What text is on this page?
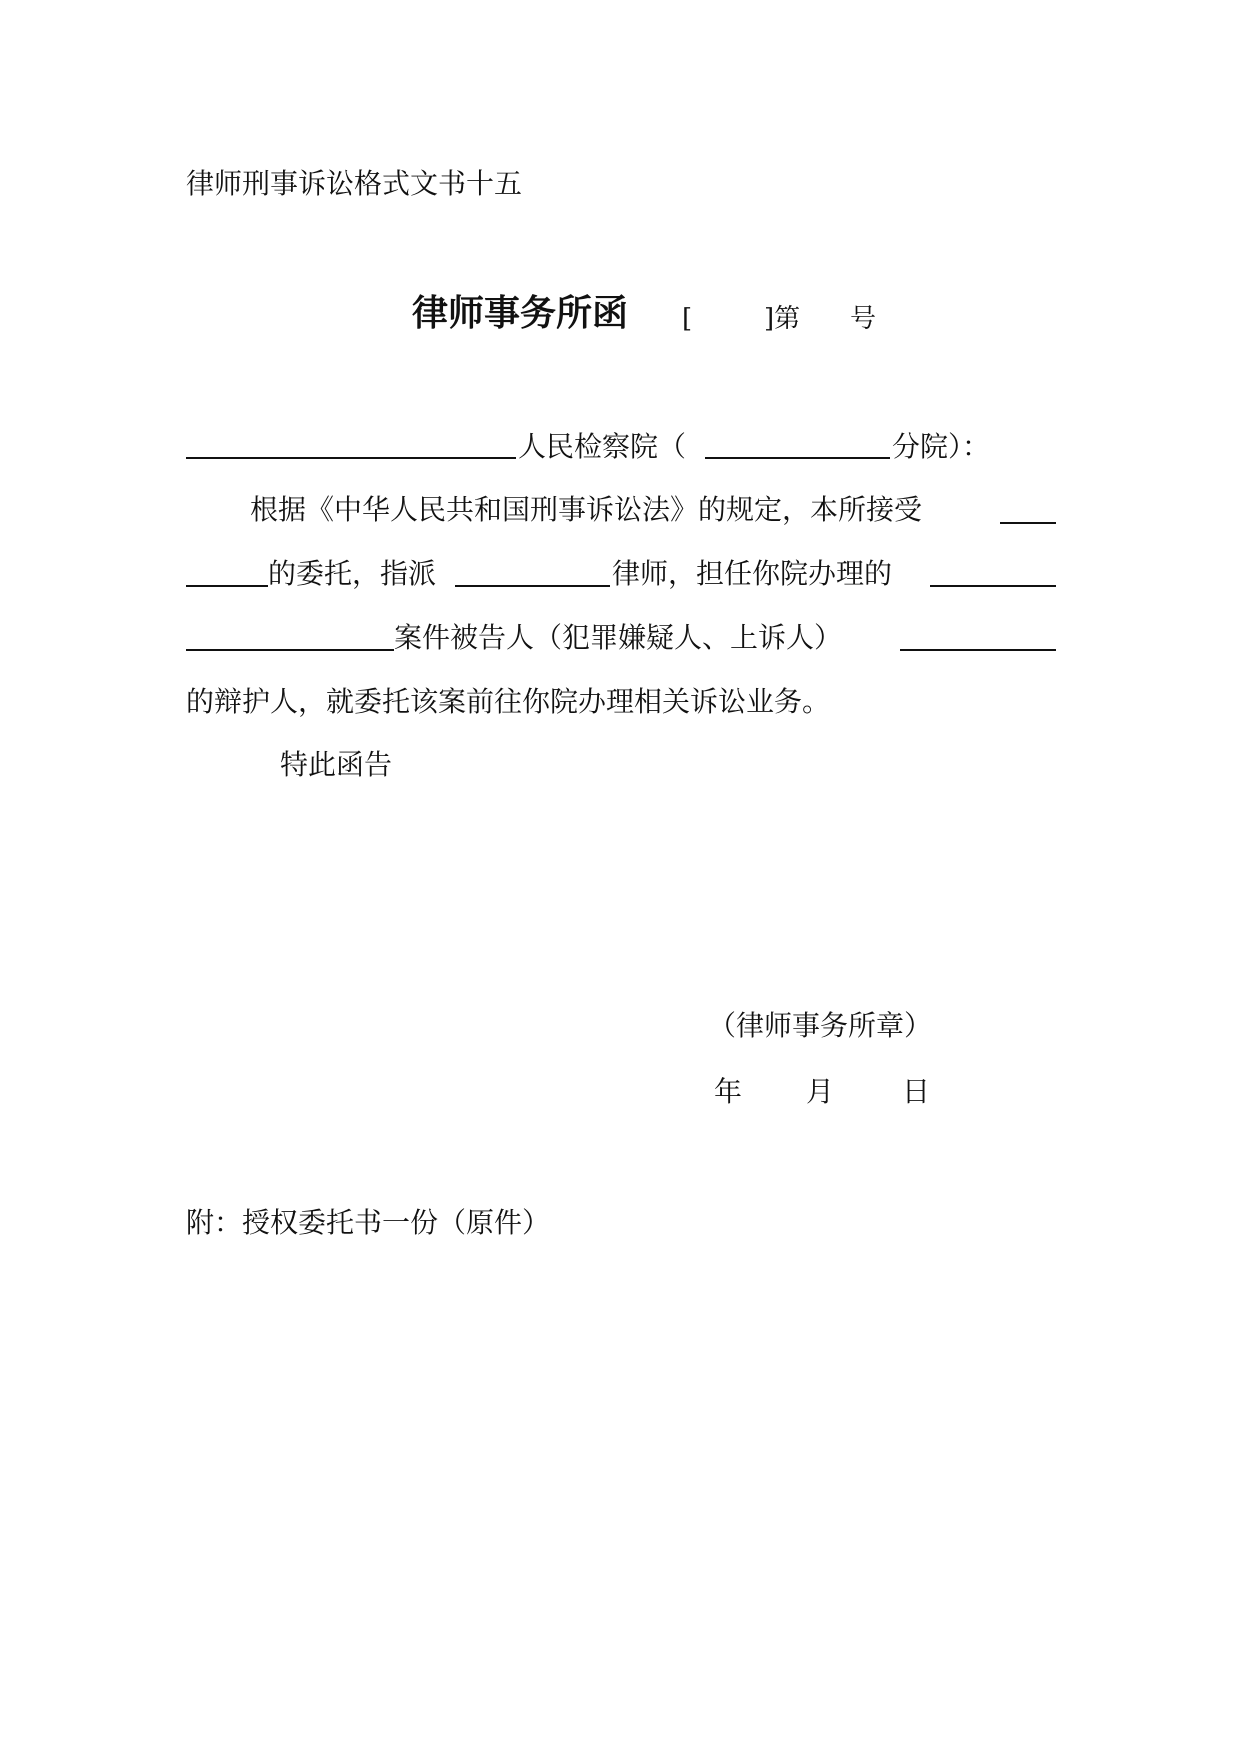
律师刑事诉讼格式文书十五
律师事务所函 [	]第 号
人民检察院（	分院）：
根据《中华人民共和国刑事诉讼法》的规定，本所接受
的委托，指派	律师，担任你院办理的
案件被告人（犯罪嫌疑人、上诉人）
的辩护人，就委托该案前往你院办理相关诉讼业务。
特此函告
（律师事务所章）
年 月 日
附：授权委托书一份（原件）
